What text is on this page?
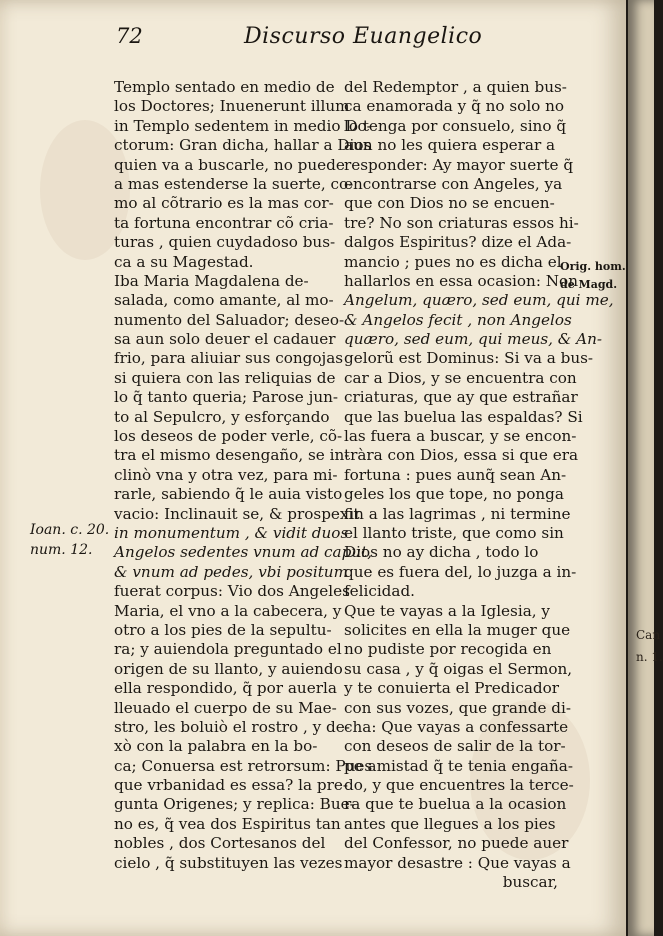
72	Discurso Euangelico
Templo sentado en medio de
los Doctores; Inuenerunt illum
in Templo sedentem in medio Do-
ctorum: Gran dicha, hallar a Dios
quien va a buscarle, no puede
a mas estenderse la suerte, co-
mo al cõtrario es la mas cor-
ta fortuna encontrar cõ cria-
turas , quien cuydadoso bus-
ca a su Magestad.
Iba Maria Magdalena de-
salada, como amante, al mo-
numento del Saluador; deseo-
sa aun solo deuer el cadauer
frio, para aliuiar sus congojas
si quiera con las reliquias de
lo q̃ tanto queria; Parose jun-
to al Sepulcro, y esforçando
los deseos de poder verle, cõ-
tra el mismo desengaño, se in-
clinò vna y otra vez, para mi-
rarle, sabiendo q̃ le auia visto
vacio: Inclinauit se, & prospexit
in monumentum , & vidit duos
Angelos sedentes vnum ad caput,
& vnum ad pedes, vbi positum
fuerat corpus: Vio dos Angeles
Maria, el vno a la cabecera, y
otro a los pies de la sepultu-
ra; y auiendola preguntado el
origen de su llanto, y auiendo
ella respondido, q̃ por auerla
lleuado el cuerpo de su Mae-
stro, les boluiò el rostro , y de-
xò con la palabra en la bo-
ca; Conuersa est retrorsum: Pues
que vrbanidad es essa? la pre-
gunta Origenes; y replica: Bue-
no es, q̃ vea dos Espiritus tan
nobles , dos Cortesanos del
cielo , q̃ substituyen las vezes
del Redemptor , a quien bus-
ca enamorada y q̃ no solo no
lo tenga por consuelo, sino q̃
aun no les quiera esperar a
responder: Ay mayor suerte q̃
encontrarse con Angeles, ya
que con Dios no se encuen-
tre? No son criaturas essos hi-
dalgos Espiritus? dize el Ada-
mancio ; pues no es dicha el
hallarlos en essa ocasion: Non
Angelum, quæro, sed eum, qui me,
& Angelos fecit , non Angelos
quæro, sed eum, qui meus, & An-
gelorũ est Dominus: Si va a bus-
car a Dios, y se encuentra con
criaturas, que ay que estrañar
que las buelua las espaldas? Si
las fuera a buscar, y se encon-
tràra con Dios, essa si que era
fortuna : pues aunq̃ sean An-
geles los que tope, no ponga
fin a las lagrimas , ni termine
el llanto triste, que como sin
Dios no ay dicha , todo lo
que es fuera del, lo juzga a in-
felicidad.
Que te vayas a la Iglesia, y
solicites en ella la muger que
no pudiste por recogida en
su casa , y q̃ oigas el Sermon,
y te conuierta el Predicador
con sus vozes, que grande di-
cha: Que vayas a confessarte
con deseos de salir de la tor-
pe amistad q̃ te tenia engaña-
do, y que encuentres la terce-
ra que te buelua a la ocasion
antes que llegues a los pies
del Confessor, no puede auer
mayor desastre : Que vayas a
buscar,
Ioan. c. 20.
num. 12.
Orig. hom.
de Magd.
Can
n. 1.
